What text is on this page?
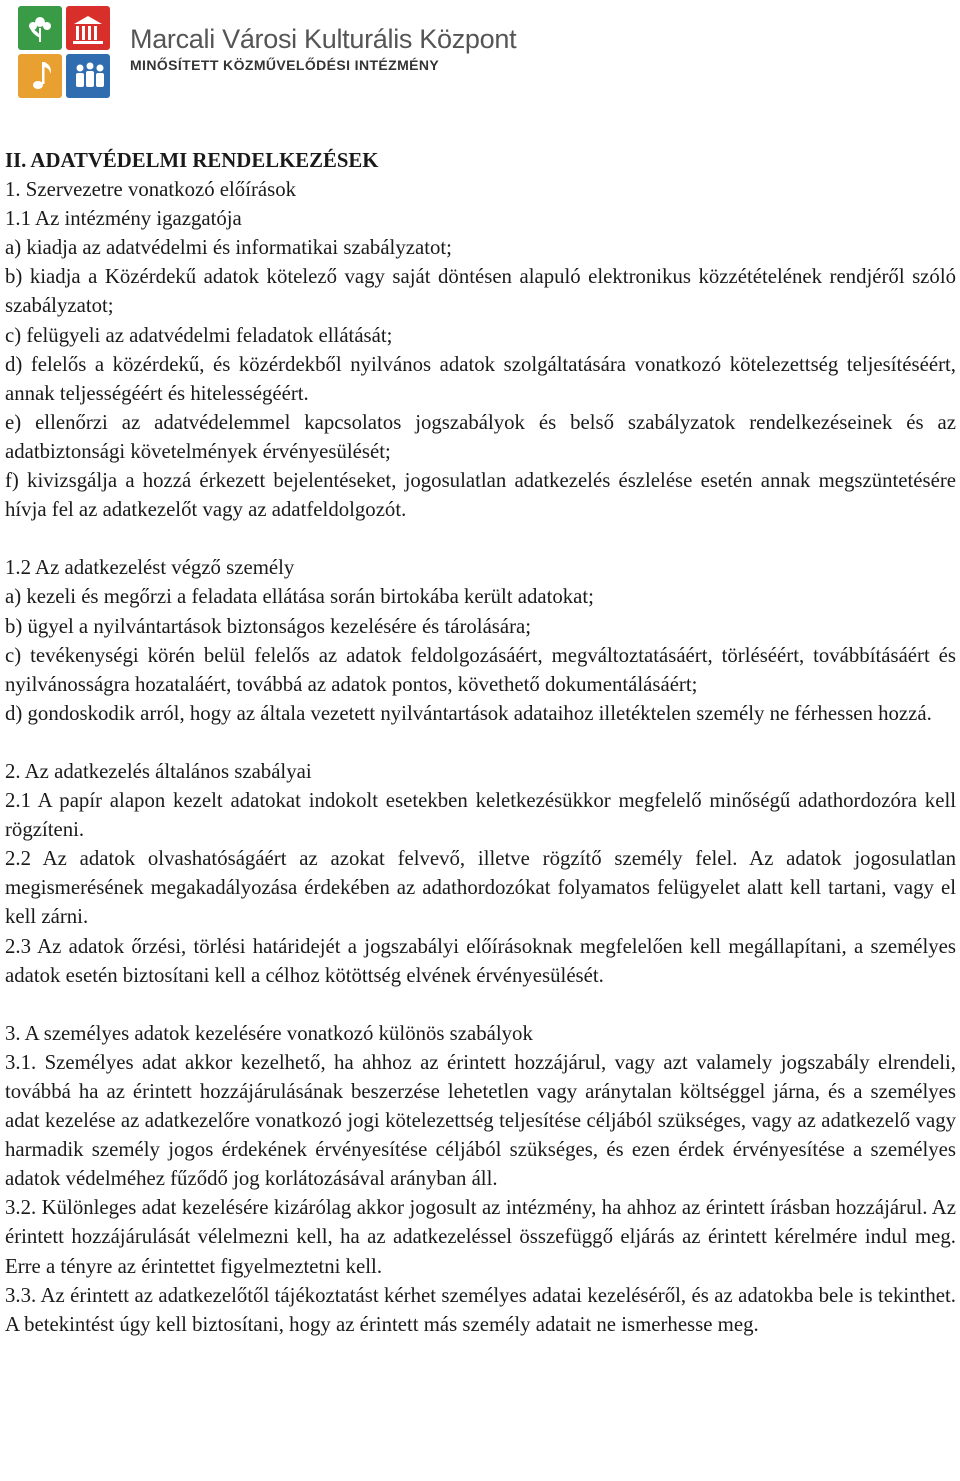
Marcali Városi Kulturális Központ
MINŐSÍTETT KÖZMŰVELŐDÉSI INTÉZMÉNY
II. ADATVÉDELMI RENDELKEZÉSEK

1. Szervezetre vonatkozó előírások

1.1 Az intézmény igazgatója

a) kiadja az adatvédelmi és informatikai szabályzatot;

b) kiadja a Közérdekű adatok kötelező vagy saját döntésen alapuló elektronikus közzétételének rendjéről szóló szabályzatot;

c) felügyeli az adatvédelmi feladatok ellátását;

d) felelős a közérdekű, és közérdekből nyilvános adatok szolgáltatására vonatkozó kötelezettség teljesítéséért, annak teljességéért és hitelességéért.

e) ellenőrzi az adatvédelemmel kapcsolatos jogszabályok és belső szabályzatok rendelkezéseinek és az adatbiztonsági követelmények érvényesülését;

f) kivizsgálja a hozzá érkezett bejelentéseket, jogosulatlan adatkezelés észlelése esetén annak megszüntetésére hívja fel az adatkezelőt vagy az adatfeldolgozót.

1.2 Az adatkezelést végző személy

a) kezeli és megőrzi a feladata ellátása során birtokába került adatokat;

b) ügyel a nyilvántartások biztonságos kezelésére és tárolására;

c) tevékenységi körén belül felelős az adatok feldolgozásáért, megváltoztatásáért, törléséért, továbbításáért és nyilvánosságra hozataláért, továbbá az adatok pontos, követhető dokumentálásáért;

d) gondoskodik arról, hogy az általa vezetett nyilvántartások adataihoz illetéktelen személy ne férhessen hozzá.

2. Az adatkezelés általános szabályai

2.1 A papír alapon kezelt adatokat indokolt esetekben keletkezésükkor megfelelő minőségű adathordozóra kell rögzíteni.

2.2 Az adatok olvashatóságáért az azokat felvevő, illetve rögzítő személy felel. Az adatok jogosulatlan megismerésének megakadályozása érdekében az adathordozókat folyamatos felügyelet alatt kell tartani, vagy el kell zárni.

2.3 Az adatok őrzési, törlési határidejét a jogszabályi előírásoknak megfelelően kell megállapítani, a személyes adatok esetén biztosítani kell a célhoz kötöttség elvének érvényesülését.

3. A személyes adatok kezelésére vonatkozó különös szabályok

3.1. Személyes adat akkor kezelhető, ha ahhoz az érintett hozzájárul, vagy azt valamely jogszabály elrendeli, továbbá ha az érintett hozzájárulásának beszerzése lehetetlen vagy aránytalan költséggel járna, és a személyes adat kezelése az adatkezelőre vonatkozó jogi kötelezettség teljesítése céljából szükséges, vagy az adatkezelő vagy harmadik személy jogos érdekének érvényesítése céljából szükséges, és ezen érdek érvényesítése a személyes adatok védelméhez fűződő jog korlátozásával arányban áll.

3.2. Különleges adat kezelésére kizárólag akkor jogosult az intézmény, ha ahhoz az érintett írásban hozzájárul. Az érintett hozzájárulását vélelmezni kell, ha az adatkezeléssel összefüggő eljárás az érintett kérelmére indul meg. Erre a tényre az érintettet figyelmeztetni kell.

3.3. Az érintett az adatkezelőtől tájékoztatást kérhet személyes adatai kezeléséről, és az adatokba bele is tekinthet. A betekintést úgy kell biztosítani, hogy az érintett más személy adatait ne ismerhesse meg.
